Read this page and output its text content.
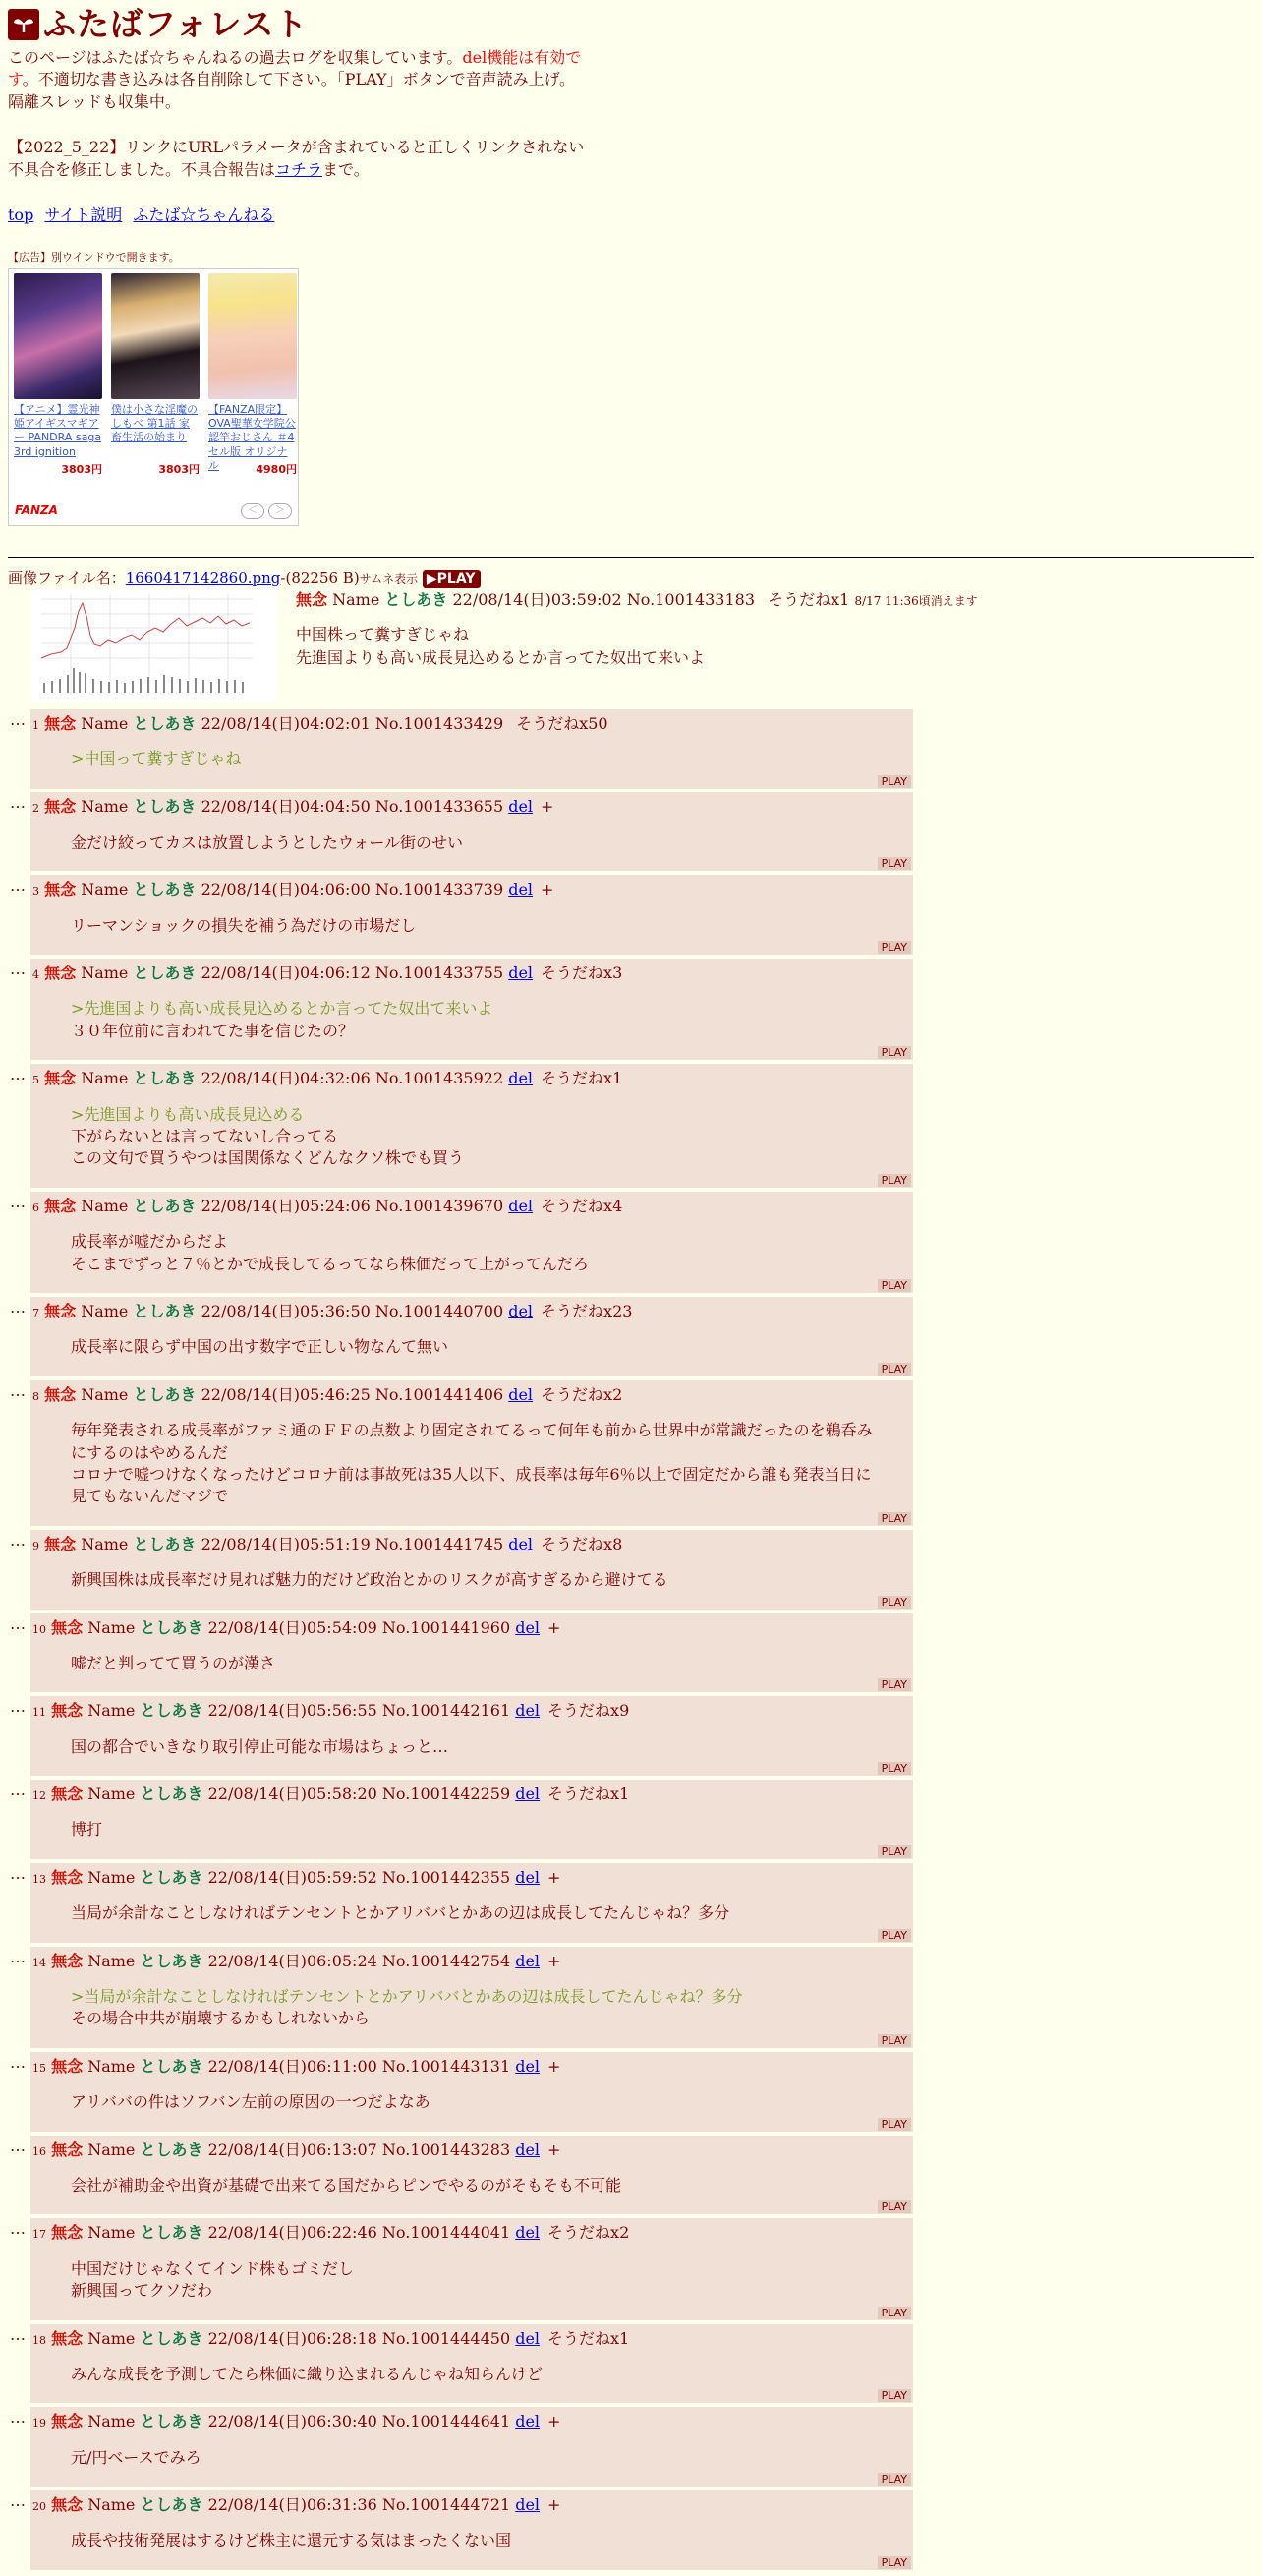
ふたばフォレスト
このページはふたば☆ちゃんねるの過去ログを収集しています。del機能は有効です。不適切な書き込みは各自削除して下さい。「PLAY」ボタンで音声読み上げ。隔離スレッドも収集中。
【2022_5_22】リンクにURLパラメータが含まれていると正しくリンクされない不具合を修正しました。不具合報告はコチラまで。
top サイト説明 ふたば☆ちゃんねる
【広告】別ウインドウで開きます。
【アニメ】霊光神姫アイギスマギアー PANDRA saga 3rd ignition
3803円
僕は小さな淫魔のしもべ 第1話 家畜生活の始まり
3803円
【FANZA限定】OVA聖華女学院公認竿おじさん ＃4 セル版 オリジナル	4980円
FANZA	＜	＞
画像ファイル名：1660417142860.png-(82256 B)サムネ表示 ▶PLAY
無念 Name としあき 22/08/14(日)03:59:02 No.1001433183 そうだねx1 8/17 11:36頃消えます
中国株って糞すぎじゃね
先進国よりも高い成長見込めるとか言ってた奴出て来いよ
… 1 無念 Name としあき 22/08/14(日)04:02:01 No.1001433429 そうだねx50
>中国って糞すぎじゃね
PLAY
… 2 無念 Name としあき 22/08/14(日)04:04:50 No.1001433655 del +
金だけ絞ってカスは放置しようとしたウォール街のせい
PLAY
… 3 無念 Name としあき 22/08/14(日)04:06:00 No.1001433739 del +
リーマンショックの損失を補う為だけの市場だし
PLAY
… 4 無念 Name としあき 22/08/14(日)04:06:12 No.1001433755 del そうだねx3
>先進国よりも高い成長見込めるとか言ってた奴出て来いよ
３０年位前に言われてた事を信じたの？
PLAY
… 5 無念 Name としあき 22/08/14(日)04:32:06 No.1001435922 del そうだねx1
>先進国よりも高い成長見込める
下がらないとは言ってないし合ってる
この文句で買うやつは国関係なくどんなクソ株でも買う
PLAY
… 6 無念 Name としあき 22/08/14(日)05:24:06 No.1001439670 del そうだねx4
成長率が嘘だからだよ
そこまでずっと７％とかで成長してるってなら株価だって上がってんだろ
PLAY
… 7 無念 Name としあき 22/08/14(日)05:36:50 No.1001440700 del そうだねx23
成長率に限らず中国の出す数字で正しい物なんて無い
PLAY
… 8 無念 Name としあき 22/08/14(日)05:46:25 No.1001441406 del そうだねx2
毎年発表される成長率がファミ通のＦＦの点数より固定されてるって何年も前から世界中が常識だったのを鵜呑みにするのはやめるんだ
コロナで嘘つけなくなったけどコロナ前は事故死は35人以下、成長率は毎年6％以上で固定だから誰も発表当日に見てもないんだマジで
PLAY
… 9 無念 Name としあき 22/08/14(日)05:51:19 No.1001441745 del そうだねx8
新興国株は成長率だけ見れば魅力的だけど政治とかのリスクが高すぎるから避けてる
PLAY
… 10 無念 Name としあき 22/08/14(日)05:54:09 No.1001441960 del +
嘘だと判ってて買うのが漢さ
PLAY
… 11 無念 Name としあき 22/08/14(日)05:56:55 No.1001442161 del そうだねx9
国の都合でいきなり取引停止可能な市場はちょっと…
PLAY
… 12 無念 Name としあき 22/08/14(日)05:58:20 No.1001442259 del そうだねx1
博打
PLAY
… 13 無念 Name としあき 22/08/14(日)05:59:52 No.1001442355 del +
当局が余計なことしなければテンセントとかアリババとかあの辺は成長してたんじゃね？多分
PLAY
… 14 無念 Name としあき 22/08/14(日)06:05:24 No.1001442754 del +
>当局が余計なことしなければテンセントとかアリババとかあの辺は成長してたんじゃね？多分
その場合中共が崩壊するかもしれないから
PLAY
… 15 無念 Name としあき 22/08/14(日)06:11:00 No.1001443131 del +
アリババの件はソフバン左前の原因の一つだよなあ
PLAY
… 16 無念 Name としあき 22/08/14(日)06:13:07 No.1001443283 del +
会社が補助金や出資が基礎で出来てる国だからピンでやるのがそもそも不可能
PLAY
… 17 無念 Name としあき 22/08/14(日)06:22:46 No.1001444041 del そうだねx2
中国だけじゃなくてインド株もゴミだし
新興国ってクソだわ
PLAY
… 18 無念 Name としあき 22/08/14(日)06:28:18 No.1001444450 del そうだねx1
みんな成長を予測してたら株価に織り込まれるんじゃね知らんけど
PLAY
… 19 無念 Name としあき 22/08/14(日)06:30:40 No.1001444641 del +
元/円ベースでみろ
PLAY
… 20 無念 Name としあき 22/08/14(日)06:31:36 No.1001444721 del +
成長や技術発展はするけど株主に還元する気はまったくない国
PLAY
